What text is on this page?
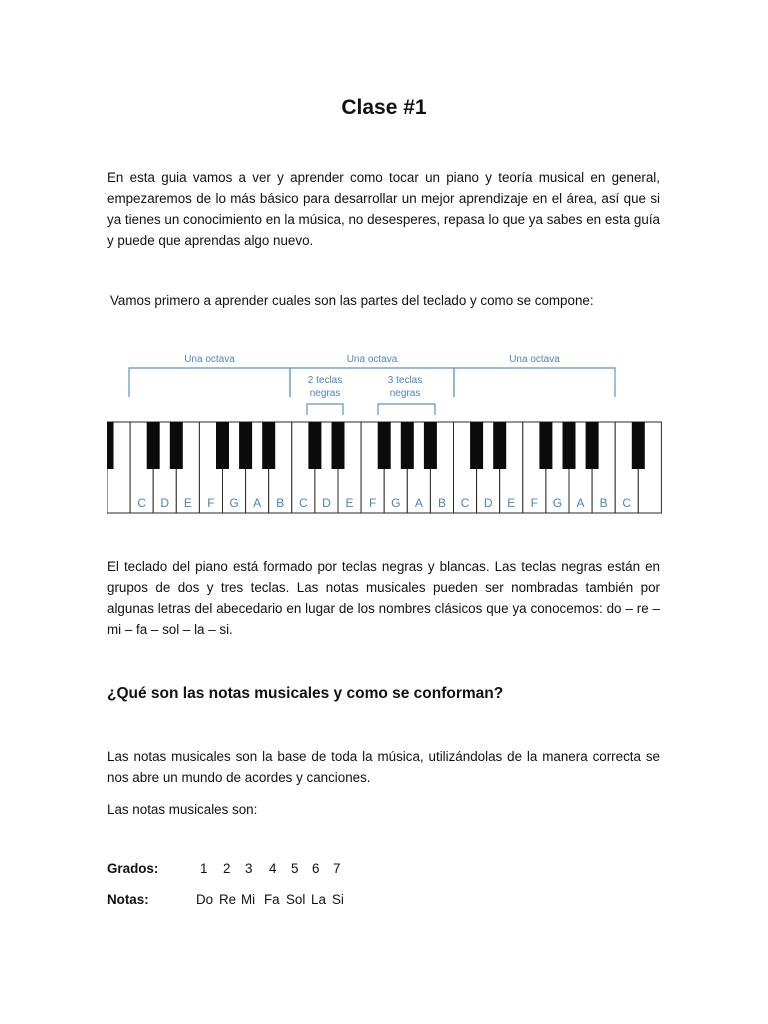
Clase #1

En esta guia vamos a ver y aprender como tocar un piano y teoría musical en general, empezaremos de lo más básico para desarrollar un mejor aprendizaje en el área, así que si ya tienes un conocimiento en la música, no desesperes, repasa lo que ya sabes en esta guía y puede que aprendas algo nuevo.

Vamos primero a aprender cuales son las partes del teclado y como se compone:

Una octava	Una octava	Una octava
2 teclas
negras
3 teclas
negras
C D E F G A B C D E F G A B C D E F G A B C

El teclado del piano está formado por teclas negras y blancas. Las teclas negras están en grupos de dos y tres teclas. Las notas musicales pueden ser nombradas también por algunas letras del abecedario en lugar de los nombres clásicos que ya conocemos: do – re – mi – fa – sol – la – si.

¿Qué son las notas musicales y como se conforman?

Las notas musicales son la base de toda la música, utilizándolas de la manera correcta se nos abre un mundo de acordes y canciones.

Las notas musicales son:

Grados:	1 2 3 4 5 6 7
Notas:	Do Re Mi Fa Sol La Si
